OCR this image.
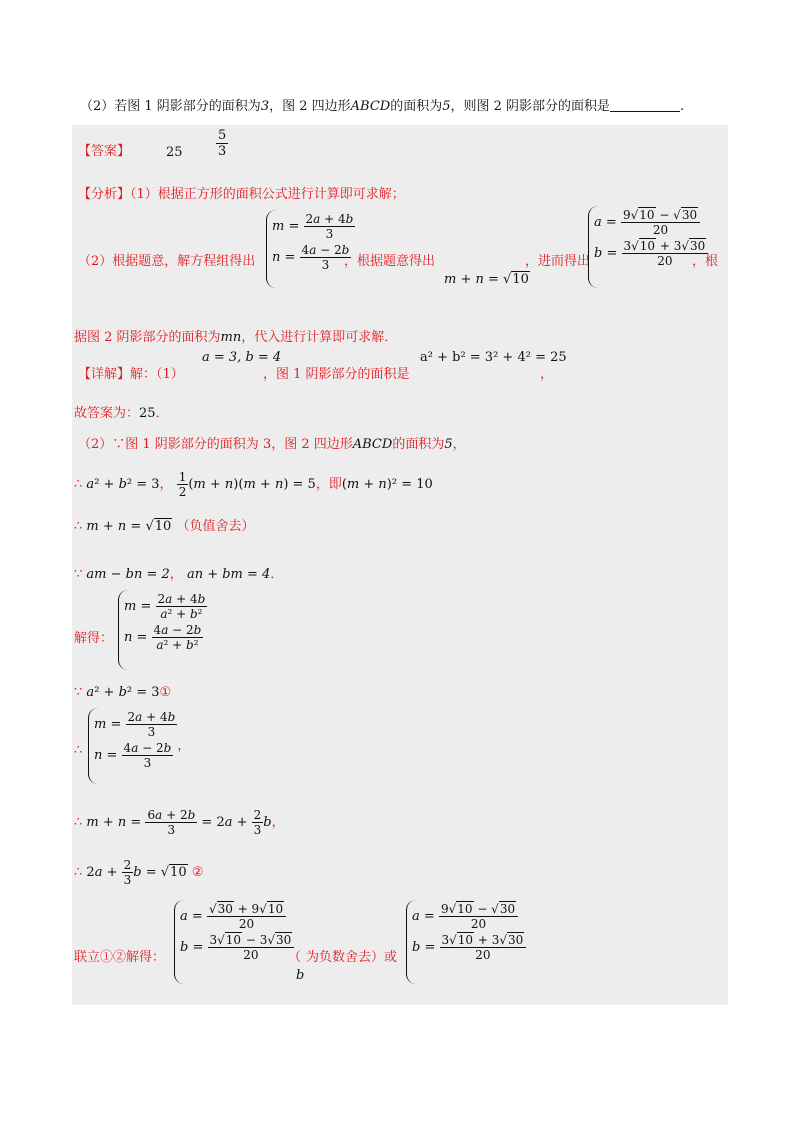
（2）若图 1 阴影部分的面积为3，图 2 四边形ABCD的面积为5，则图 2 阴影部分的面积是	.
【答案】	25	$\frac{5}{3}$
【分析】（1）根据正方形的面积公式进行计算即可求解；
（2）根据题意，解方程组得出
$m = \frac{2a + 4b}{3}$
$n = \frac{4a - 2b}{3}$
，根据题意得出
m + n = √10
，进而得出
$a = \frac{9√10 - √30}{20}$
$b = \frac{3√10 + 3√30}{20}$
，根
据图 2 阴影部分的面积为mn，代入进行计算即可求解．
【详解】解：（1）
a = 3, b = 4
，图 1 阴影部分的面积是
a² + b² = 3² + 4² = 25
，
故答案为：25．
（2）∵图 1 阴影部分的面积为 3，图 2 四边形ABCD的面积为5，
∴ a² + b² = 3， $\frac{1}{2} (m + n)(m + n) = 5$，即(m + n)² = 10
∴ m + n = √10 （负值舍去）
∵ am − bn = 2， an + bm = 4．
解得：
$m = \frac{2a + 4b}{\text{a² + b²}}$
$n = \frac{4a - 2b}{\text{a² + b²}}$
∵ a² + b² = 3①
∴
$m = \frac{2a + 4b}{3}$
$n = \frac{4a - 2b}{3}$ ，
∴ $m + n = \frac{6a + 2b}{3} = 2a + \frac{2}{3}$ b，
∴ $2a + \frac{2}{3}$ b = √10 ②
联立①②解得：
$a = \frac{√30 + 9√10}{20}$
$b = \frac{3√10 - 3√30}{20}$
（
b
为负数舍去）或
$a = \frac{9√10 - √30}{20}$
$b = \frac{3√10 + 3√30}{20}$
